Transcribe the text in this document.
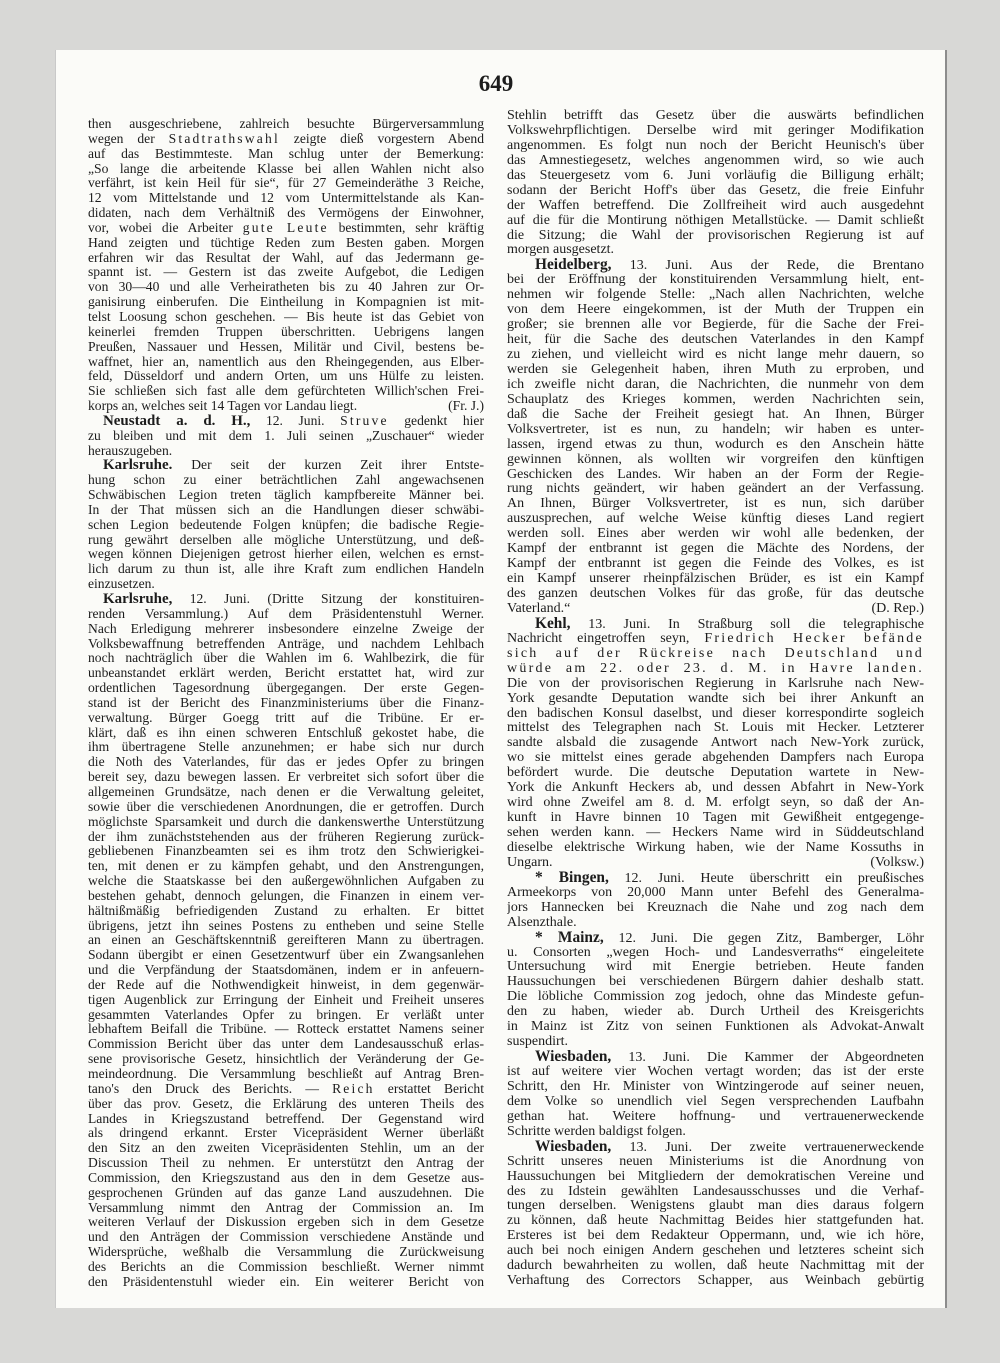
649
then ausgeschriebene, zahlreich besuchte Bürgerversammlung
wegen der Stadtrathswahl zeigte dieß vorgestern Abend
auf das Bestimmteste. Man schlug unter der Bemerkung:
„So lange die arbeitende Klasse bei allen Wahlen nicht also
verfährt, ist kein Heil für sie“, für 27 Gemeinderäthe 3 Reiche,
12 vom Mittelstande und 12 vom Untermittelstande als Kan-
didaten, nach dem Verhältniß des Vermögens der Einwohner,
vor, wobei die Arbeiter gute Leute bestimmten, sehr kräftig
Hand zeigten und tüchtige Reden zum Besten gaben. Morgen
erfahren wir das Resultat der Wahl, auf das Jedermann ge-
spannt ist. — Gestern ist das zweite Aufgebot, die Ledigen
von 30—40 und alle Verheiratheten bis zu 40 Jahren zur Or-
ganisirung einberufen. Die Eintheilung in Kompagnien ist mit-
telst Loosung schon geschehen. — Bis heute ist das Gebiet von
keinerlei fremden Truppen überschritten. Uebrigens langen
Preußen, Nassauer und Hessen, Militär und Civil, bestens be-
waffnet, hier an, namentlich aus den Rheingegenden, aus Elber-
feld, Düsseldorf und andern Orten, um uns Hülfe zu leisten.
Sie schließen sich fast alle dem gefürchteten Willich'schen Frei-
korps an, welches seit 14 Tagen vor Landau liegt.	(Fr. J.)
Neustadt a. d. H., 12. Juni. Struve gedenkt hier
zu bleiben und mit dem 1. Juli seinen „Zuschauer“ wieder
herauszugeben.
Karlsruhe. Der seit der kurzen Zeit ihrer Entste-
hung schon zu einer beträchtlichen Zahl angewachsenen
Schwäbischen Legion treten täglich kampfbereite Männer bei.
In der That müssen sich an die Handlungen dieser schwäbi-
schen Legion bedeutende Folgen knüpfen; die badische Regie-
rung gewährt derselben alle mögliche Unterstützung, und deß-
wegen können Diejenigen getrost hierher eilen, welchen es ernst-
lich darum zu thun ist, alle ihre Kraft zum endlichen Handeln
einzusetzen.
Karlsruhe, 12. Juni. (Dritte Sitzung der konstituiren-
renden Versammlung.) Auf dem Präsidentenstuhl Werner.
Nach Erledigung mehrerer insbesondere einzelne Zweige der
Volksbewaffnung betreffenden Anträge, und nachdem Lehlbach
noch nachträglich über die Wahlen im 6. Wahlbezirk, die für
unbeanstandet erklärt werden, Bericht erstattet hat, wird zur
ordentlichen Tagesordnung übergegangen. Der erste Gegen-
stand ist der Bericht des Finanzministeriums über die Finanz-
verwaltung. Bürger Goegg tritt auf die Tribüne. Er er-
klärt, daß es ihn einen schweren Entschluß gekostet habe, die
ihm übertragene Stelle anzunehmen; er habe sich nur durch
die Noth des Vaterlandes, für das er jedes Opfer zu bringen
bereit sey, dazu bewegen lassen. Er verbreitet sich sofort über die
allgemeinen Grundsätze, nach denen er die Verwaltung geleitet,
sowie über die verschiedenen Anordnungen, die er getroffen. Durch
möglichste Sparsamkeit und durch die dankenswerthe Unterstützung
der ihm zunächststehenden aus der früheren Regierung zurück-
gebliebenen Finanzbeamten sei es ihm trotz den Schwierigkei-
ten, mit denen er zu kämpfen gehabt, und den Anstrengungen,
welche die Staatskasse bei den außergewöhnlichen Aufgaben zu
bestehen gehabt, dennoch gelungen, die Finanzen in einem ver-
hältnißmäßig befriedigenden Zustand zu erhalten. Er bittet
übrigens, jetzt ihn seines Postens zu entheben und seine Stelle
an einen an Geschäftskenntniß gereifteren Mann zu übertragen.
Sodann übergibt er einen Gesetzentwurf über ein Zwangsanlehen
und die Verpfändung der Staatsdomänen, indem er in anfeuern-
der Rede auf die Nothwendigkeit hinweist, in dem gegenwär-
tigen Augenblick zur Erringung der Einheit und Freiheit unseres
gesammten Vaterlandes Opfer zu bringen. Er verläßt unter
lebhaftem Beifall die Tribüne. — Rotteck erstattet Namens seiner
Commission Bericht über das unter dem Landesausschuß erlas-
sene provisorische Gesetz, hinsichtlich der Veränderung der Ge-
meindeordnung. Die Versammlung beschließt auf Antrag Bren-
tano's den Druck des Berichts. — Reich erstattet Bericht
über das prov. Gesetz, die Erklärung des unteren Theils des
Landes in Kriegszustand betreffend. Der Gegenstand wird
als dringend erkannt. Erster Vicepräsident Werner überläßt
den Sitz an den zweiten Vicepräsidenten Stehlin, um an der
Discussion Theil zu nehmen. Er unterstützt den Antrag der
Commission, den Kriegszustand aus den in dem Gesetze aus-
gesprochenen Gründen auf das ganze Land auszudehnen. Die
Versammlung nimmt den Antrag der Commission an. Im
weiteren Verlauf der Diskussion ergeben sich in dem Gesetze
und den Anträgen der Commission verschiedene Anstände und
Widersprüche, weßhalb die Versammlung die Zurückweisung
des Berichts an die Commission beschließt. Werner nimmt
den Präsidentenstuhl wieder ein. Ein weiterer Bericht von
Stehlin betrifft das Gesetz über die auswärts befindlichen
Volkswehrpflichtigen. Derselbe wird mit geringer Modifikation
angenommen. Es folgt nun noch der Bericht Heunisch's über
das Amnestiegesetz, welches angenommen wird, so wie auch
das Steuergesetz vom 6. Juni vorläufig die Billigung erhält;
sodann der Bericht Hoff's über das Gesetz, die freie Einfuhr
der Waffen betreffend. Die Zollfreiheit wird auch ausgedehnt
auf die für die Montirung nöthigen Metallstücke. — Damit schließt
die Sitzung; die Wahl der provisorischen Regierung ist auf
morgen ausgesetzt.
Heidelberg, 13. Juni. Aus der Rede, die Brentano
bei der Eröffnung der konstituirenden Versammlung hielt, ent-
nehmen wir folgende Stelle: „Nach allen Nachrichten, welche
von dem Heere eingekommen, ist der Muth der Truppen ein
großer; sie brennen alle vor Begierde, für die Sache der Frei-
heit, für die Sache des deutschen Vaterlandes in den Kampf
zu ziehen, und vielleicht wird es nicht lange mehr dauern, so
werden sie Gelegenheit haben, ihren Muth zu erproben, und
ich zweifle nicht daran, die Nachrichten, die nunmehr von dem
Schauplatz des Krieges kommen, werden Nachrichten sein,
daß die Sache der Freiheit gesiegt hat. An Ihnen, Bürger
Volksvertreter, ist es nun, zu handeln; wir haben es unter-
lassen, irgend etwas zu thun, wodurch es den Anschein hätte
gewinnen können, als wollten wir vorgreifen den künftigen
Geschicken des Landes. Wir haben an der Form der Regie-
rung nichts geändert, wir haben geändert an der Verfassung.
An Ihnen, Bürger Volksvertreter, ist es nun, sich darüber
auszusprechen, auf welche Weise künftig dieses Land regiert
werden soll. Eines aber werden wir wohl alle bedenken, der
Kampf der entbrannt ist gegen die Mächte des Nordens, der
Kampf der entbrannt ist gegen die Feinde des Volkes, es ist
ein Kampf unserer rheinpfälzischen Brüder, es ist ein Kampf
des ganzen deutschen Volkes für das große, für das deutsche
Vaterland.“	(D. Rep.)
Kehl, 13. Juni. In Straßburg soll die telegraphische
Nachricht eingetroffen seyn, Friedrich Hecker befände
sich auf der Rückreise nach Deutschland und
würde am 22. oder 23. d. M. in Havre landen.
Die von der provisorischen Regierung in Karlsruhe nach New-
York gesandte Deputation wandte sich bei ihrer Ankunft an
den badischen Konsul daselbst, und dieser korrespondirte sogleich
mittelst des Telegraphen nach St. Louis mit Hecker. Letzterer
sandte alsbald die zusagende Antwort nach New-York zurück,
wo sie mittelst eines gerade abgehenden Dampfers nach Europa
befördert wurde. Die deutsche Deputation wartete in New-
York die Ankunft Heckers ab, und dessen Abfahrt in New-York
wird ohne Zweifel am 8. d. M. erfolgt seyn, so daß der An-
kunft in Havre binnen 10 Tagen mit Gewißheit entgegenge-
sehen werden kann. — Heckers Name wird in Süddeutschland
dieselbe elektrische Wirkung haben, wie der Name Kossuths in
Ungarn.	(Volksw.)
* Bingen, 12. Juni. Heute überschritt ein preußisches
Armeekorps von 20,000 Mann unter Befehl des Generalma-
jors Hannecken bei Kreuznach die Nahe und zog nach dem
Alsenzthale.
* Mainz, 12. Juni. Die gegen Zitz, Bamberger, Löhr
u. Consorten „wegen Hoch- und Landesverraths“ eingeleitete
Untersuchung wird mit Energie betrieben. Heute fanden
Haussuchungen bei verschiedenen Bürgern dahier deshalb statt.
Die löbliche Commission zog jedoch, ohne das Mindeste gefun-
den zu haben, wieder ab. Durch Urtheil des Kreisgerichts
in Mainz ist Zitz von seinen Funktionen als Advokat-Anwalt
suspendirt.
Wiesbaden, 13. Juni. Die Kammer der Abgeordneten
ist auf weitere vier Wochen vertagt worden; das ist der erste
Schritt, den Hr. Minister von Wintzingerode auf seiner neuen,
dem Volke so unendlich viel Segen versprechenden Laufbahn
gethan hat. Weitere hoffnung- und vertrauenerweckende
Schritte werden baldigst folgen.
Wiesbaden, 13. Juni. Der zweite vertrauenerweckende
Schritt unseres neuen Ministeriums ist die Anordnung von
Haussuchungen bei Mitgliedern der demokratischen Vereine und
des zu Idstein gewählten Landesausschusses und die Verhaf-
tungen derselben. Wenigstens glaubt man dies daraus folgern
zu können, daß heute Nachmittag Beides hier stattgefunden hat.
Ersteres ist bei dem Redakteur Oppermann, und, wie ich höre,
auch bei noch einigen Andern geschehen und letzteres scheint sich
dadurch bewahrheiten zu wollen, daß heute Nachmittag mit der
Verhaftung des Correctors Schapper, aus Weinbach gebürtig
